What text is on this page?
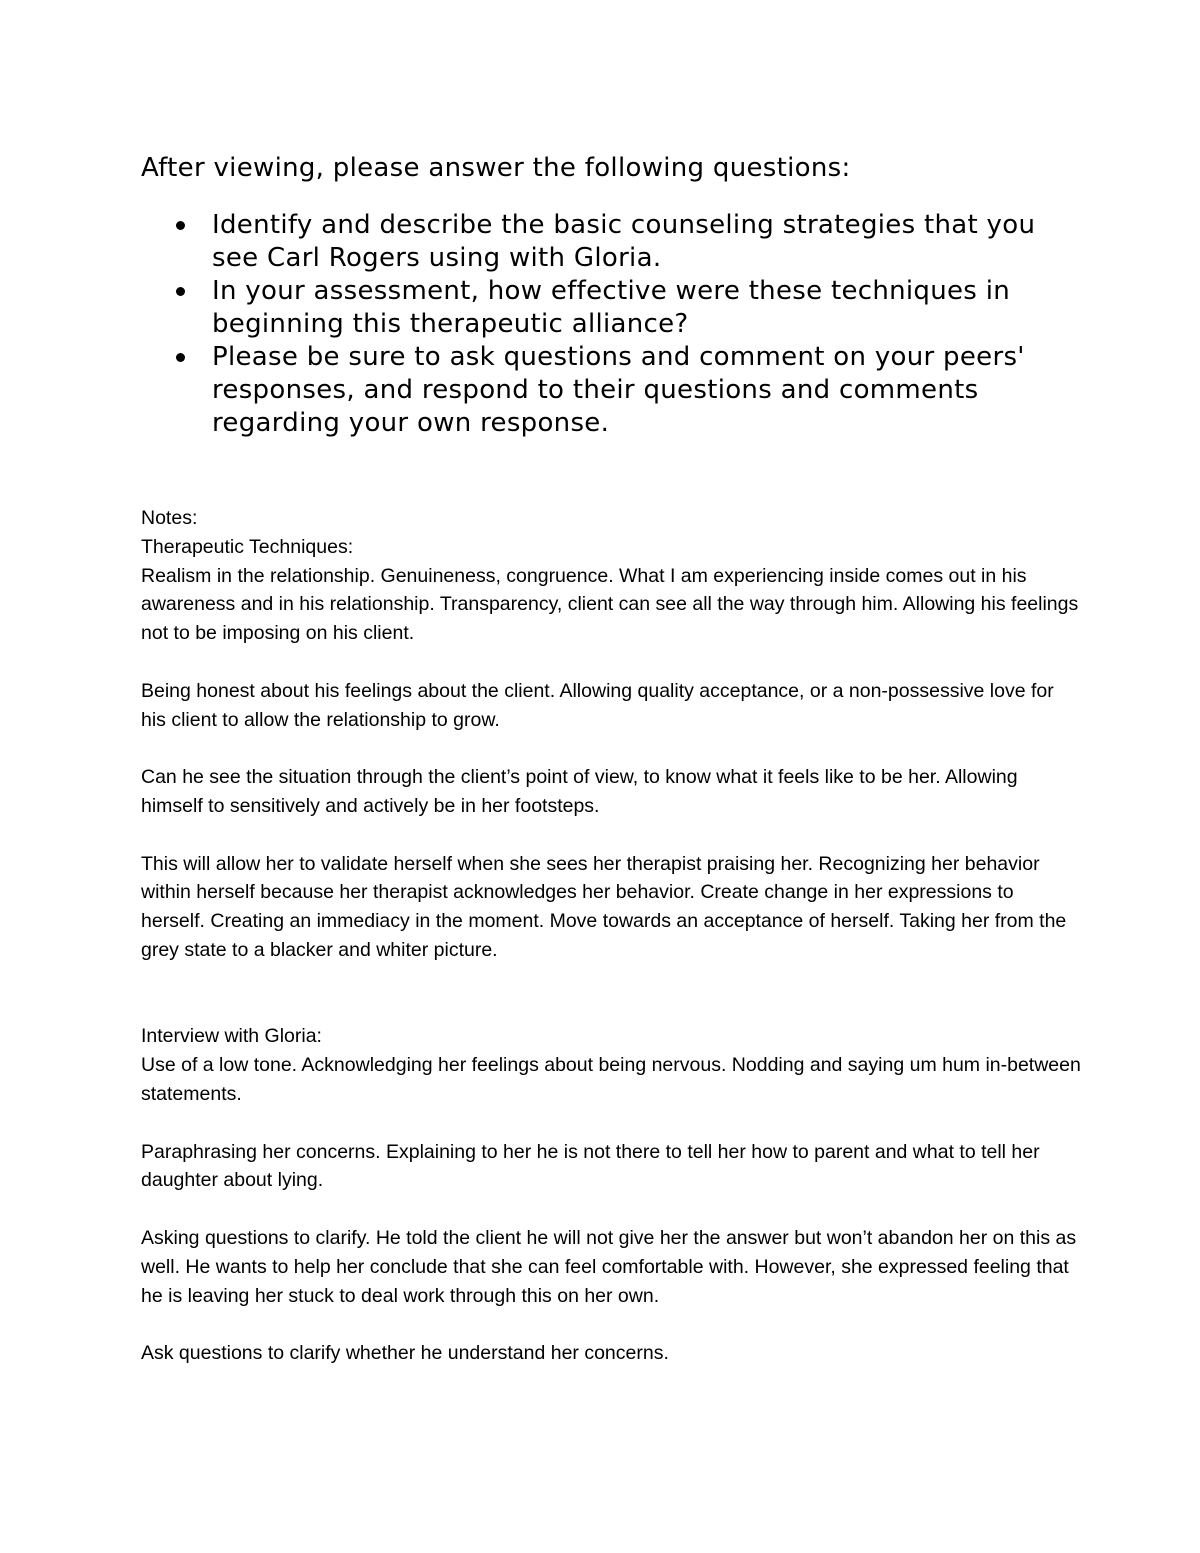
After viewing, please answer the following questions:

Identify and describe the basic counseling strategies that you see Carl Rogers using with Gloria.
In your assessment, how effective were these techniques in beginning this therapeutic alliance?
Please be sure to ask questions and comment on your peers' responses, and respond to their questions and comments regarding your own response.

Notes:

Therapeutic Techniques:

Realism in the relationship. Genuineness, congruence. What I am experiencing inside comes out in his awareness and in his relationship. Transparency, client can see all the way through him. Allowing his feelings not to be imposing on his client.

Being honest about his feelings about the client. Allowing quality acceptance, or a non-possessive love for his client to allow the relationship to grow.

Can he see the situation through the client’s point of view, to know what it feels like to be her. Allowing himself to sensitively and actively be in her footsteps.

This will allow her to validate herself when she sees her therapist praising her. Recognizing her behavior within herself because her therapist acknowledges her behavior. Create change in her expressions to herself. Creating an immediacy in the moment. Move towards an acceptance of herself. Taking her from the grey state to a blacker and whiter picture.

Interview with Gloria:

Use of a low tone. Acknowledging her feelings about being nervous. Nodding and saying um hum in-between statements.

Paraphrasing her concerns. Explaining to her he is not there to tell her how to parent and what to tell her daughter about lying.

Asking questions to clarify. He told the client he will not give her the answer but won’t abandon her on this as well. He wants to help her conclude that she can feel comfortable with. However, she expressed feeling that he is leaving her stuck to deal work through this on her own.

Ask questions to clarify whether he understand her concerns.
